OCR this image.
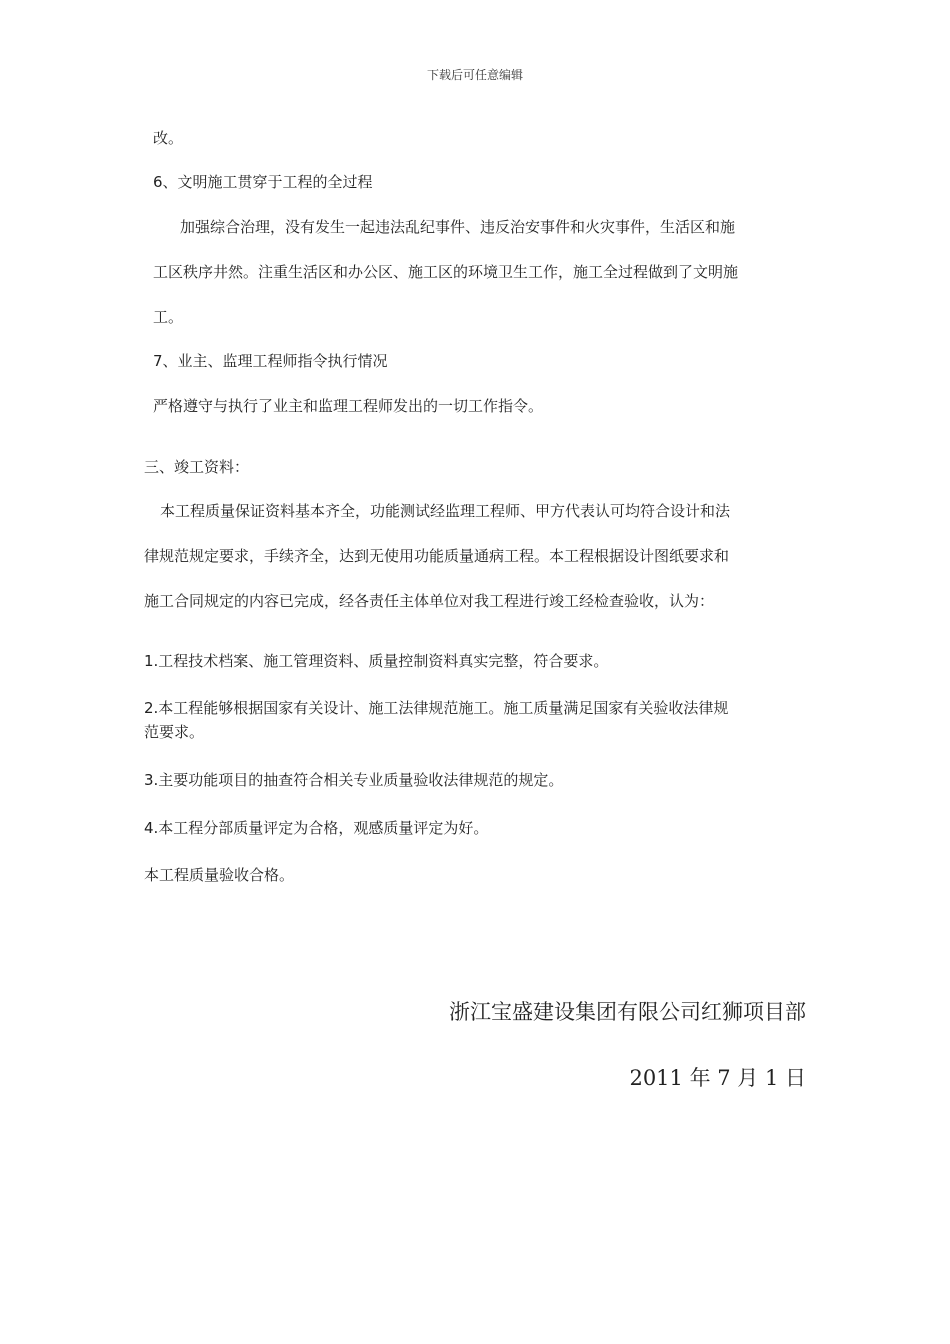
下载后可任意编辑
改。
6、文明施工贯穿于工程的全过程
加强综合治理，没有发生一起违法乱纪事件、违反治安事件和火灾事件，生活区和施
工区秩序井然。注重生活区和办公区、施工区的环境卫生工作，施工全过程做到了文明施
工。
7、业主、监理工程师指令执行情况
严格遵守与执行了业主和监理工程师发出的一切工作指令。
三、竣工资料：
本工程质量保证资料基本齐全，功能测试经监理工程师、甲方代表认可均符合设计和法
律规范规定要求，手续齐全，达到无使用功能质量通病工程。本工程根据设计图纸要求和
施工合同规定的内容已完成，经各责任主体单位对我工程进行竣工经检查验收，认为：
1.工程技术档案、施工管理资料、质量控制资料真实完整，符合要求。
2.本工程能够根据国家有关设计、施工法律规范施工。施工质量满足国家有关验收法律规
范要求。
3.主要功能项目的抽查符合相关专业质量验收法律规范的规定。
4.本工程分部质量评定为合格，观感质量评定为好。
本工程质量验收合格。
浙江宝盛建设集团有限公司红狮项目部
2011 年 7 月 1 日
